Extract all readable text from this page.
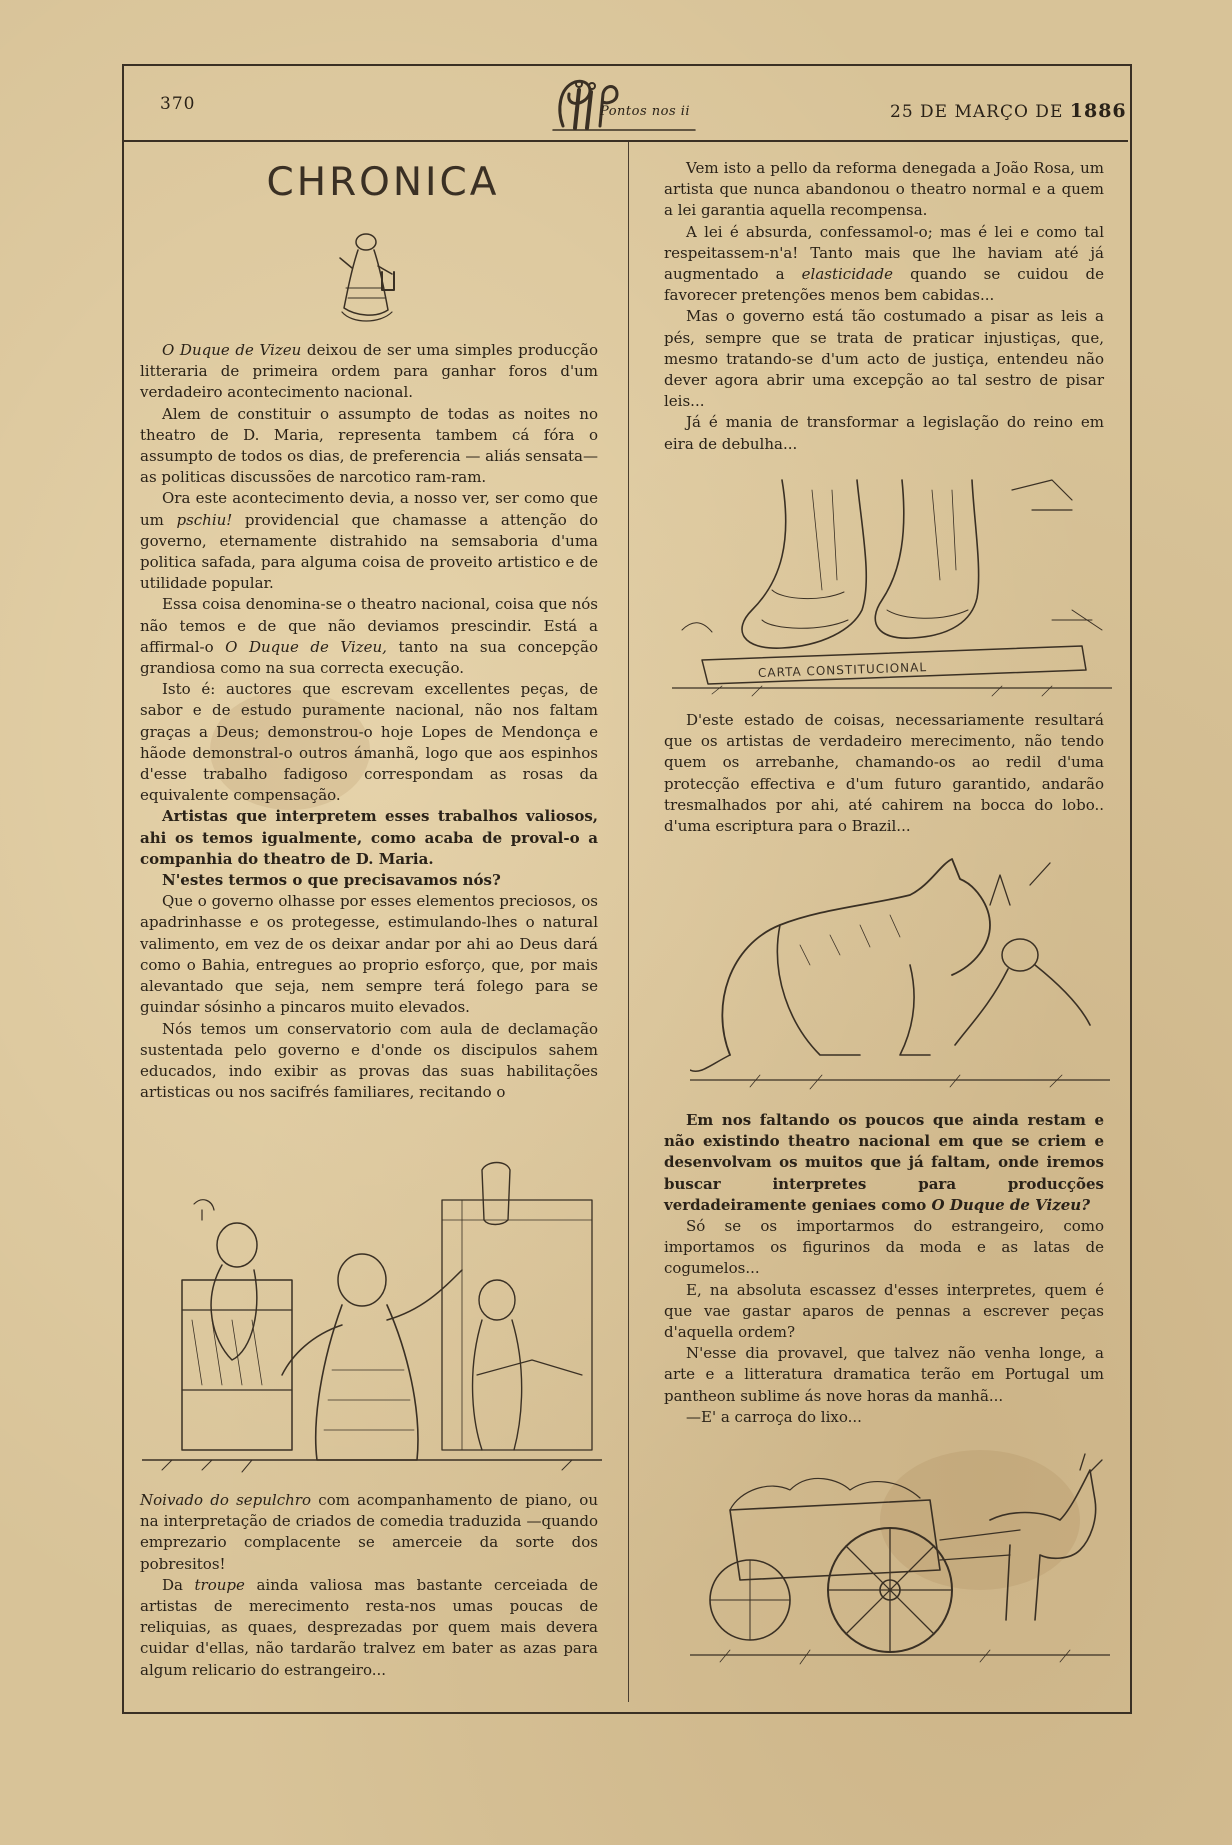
370	Pontos nos ii	25 DE MARÇO DE 1886
CHRONICA

O Duque de Vizeu deixou de ser uma simples producção litteraria de primeira ordem para ganhar foros d'um verdadeiro acontecimento nacional.

Alem de constituir o assumpto de todas as noites no theatro de D. Maria, representa tambem cá fóra o assumpto de todos os dias, de preferencia — aliás sensata—as politicas discussões de narcotico ram-ram.

Ora este acontecimento devia, a nosso ver, ser como que um pschiu! providencial que chamasse a attenção do governo, eternamente distrahido na semsaboria d'uma politica safada, para alguma coisa de proveito artistico e de utilidade popular.

Essa coisa denomina-se o theatro nacional, coisa que nós não temos e de que não deviamos prescindir. Está a affirmal-o O Duque de Vizeu, tanto na sua concepção grandiosa como na sua correcta execução.

Isto é: auctores que escrevam excellentes peças, de sabor e de estudo puramente nacional, não nos faltam graças a Deus; demonstrou-o hoje Lopes de Mendonça e hãode demonstral-o outros ámanhã, logo que aos espinhos d'esse trabalho fadigoso correspondam as rosas da equivalente compensação.

Artistas que interpretem esses trabalhos valiosos, ahi os temos igualmente, como acaba de proval-o a companhia do theatro de D. Maria.

N'estes termos o que precisavamos nós?

Que o governo olhasse por esses elementos preciosos, os apadrinhasse e os protegesse, estimulando-lhes o natural valimento, em vez de os deixar andar por ahi ao Deus dará como o Bahia, entregues ao proprio esforço, que, por mais alevantado que seja, nem sempre terá folego para se guindar sósinho a pincaros muito elevados.

Nós temos um conservatorio com aula de declamação sustentada pelo governo e d'onde os discipulos sahem educados, indo exibir as provas das suas habilitações artisticas ou nos sacifrés familiares, recitando o

Noivado do sepulchro com acompanhamento de piano, ou na interpretação de criados de comedia traduzida —quando emprezario complacente se amerceie da sorte dos pobresitos!

Da troupe ainda valiosa mas bastante cerceiada de artistas de merecimento resta-nos umas poucas de reliquias, as quaes, desprezadas por quem mais devera cuidar d'ellas, não tardarão tralvez em bater as azas para algum relicario do estrangeiro...

Vem isto a pello da reforma denegada a João Rosa, um artista que nunca abandonou o theatro normal e a quem a lei garantia aquella recompensa.

A lei é absurda, confessamol-o; mas é lei e como tal respeitassem-n'a! Tanto mais que lhe haviam até já augmentado a elasticidade quando se cuidou de favorecer pretenções menos bem cabidas...

Mas o governo está tão costumado a pisar as leis a pés, sempre que se trata de praticar injustiças, que, mesmo tratando-se d'um acto de justiça, entendeu não dever agora abrir uma excepção ao tal sestro de pisar leis...

Já é mania de transformar a legislação do reino em eira de debulha...

CARTA CONSTITUCIONAL

D'este estado de coisas, necessariamente resultará que os artistas de verdadeiro merecimento, não tendo quem os arrebanhe, chamando-os ao redil d'uma protecção effectiva e d'um futuro garantido, andarão tresmalhados por ahi, até cahirem na bocca do lobo.. d'uma escriptura para o Brazil...

Em nos faltando os poucos que ainda restam e não existindo theatro nacional em que se criem e desenvolvam os muitos que já faltam, onde iremos buscar interpretes para producções verdadeiramente geniaes como O Duque de Vizeu?

Só se os importarmos do estrangeiro, como importamos os figurinos da moda e as latas de cogumelos...

E, na absoluta escassez d'esses interpretes, quem é que vae gastar aparos de pennas a escrever peças d'aquella ordem?

N'esse dia provavel, que talvez não venha longe, a arte e a litteratura dramatica terão em Portugal um pantheon sublime ás nove horas da manhã...

—E' a carroça do lixo...
